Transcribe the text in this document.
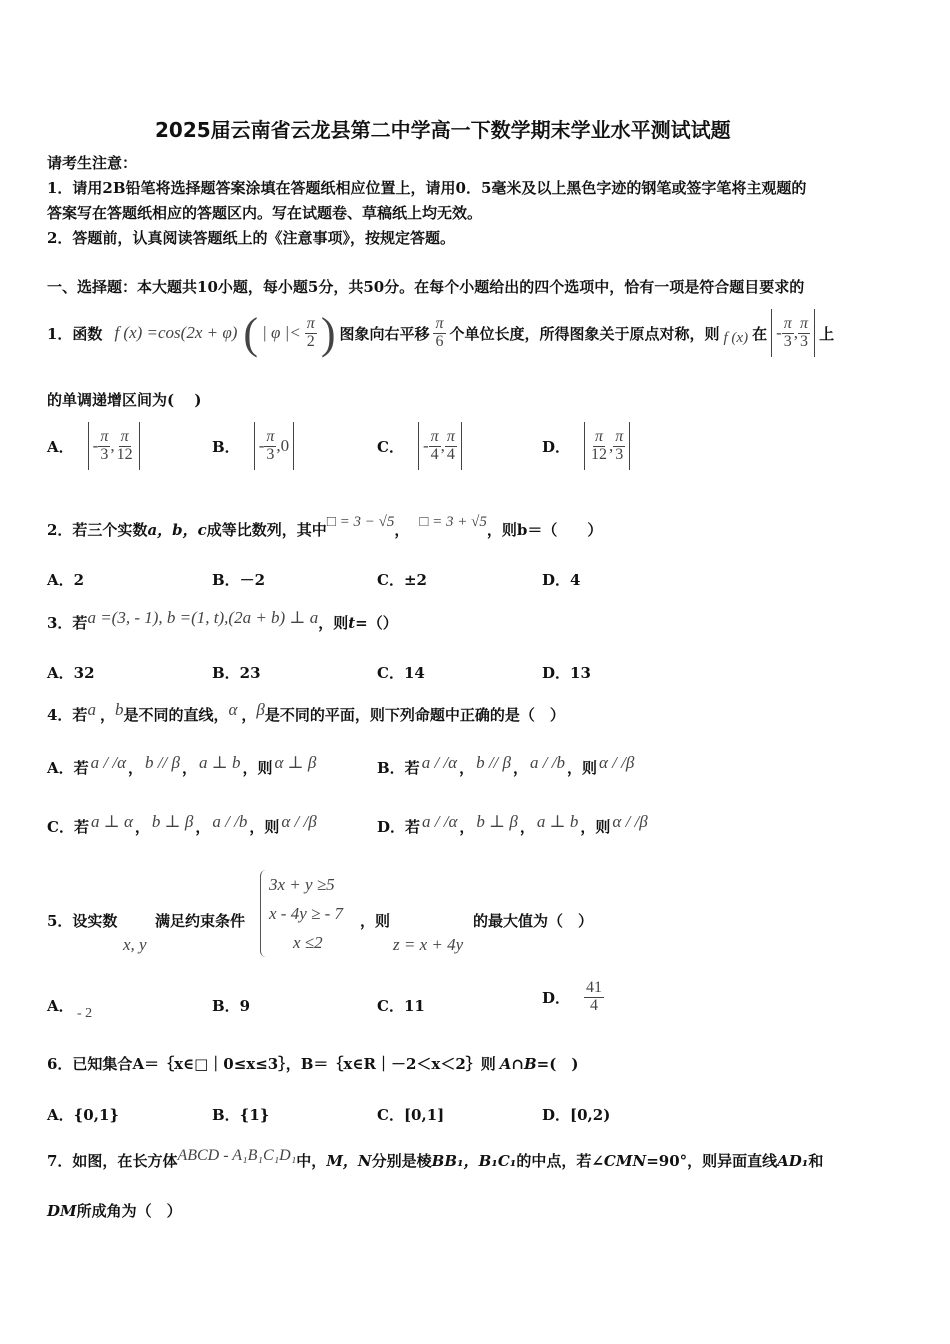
2025届云南省云龙县第二中学高一下数学期末学业水平测试试题
请考生注意：
1．请用2B铅笔将选择题答案涂填在答题纸相应位置上，请用0．5毫米及以上黑色字迹的钢笔或签字笔将主观题的
答案写在答题纸相应的答题区内。写在试题卷、草稿纸上均无效。
2．答题前，认真阅读答题纸上的《注意事项》，按规定答题。
一、选择题：本大题共10小题，每小题5分，共50分。在每个小题给出的四个选项中，恰有一项是符合题目要求的
1．函数 f (x) =cos(2x + φ) ( | φ |< $\frac{\pi}{2}$ ) 图象向右平移 $\frac{\pi}{6}$ 个单位长度，所得图象关于原点对称，则 f (x) 在 - $\frac{\pi}{3}$ , $\frac{\pi}{3}$ 上
的单调递增区间为(　 )
A． - $\frac{\pi}{3}$ , $\frac{\pi}{12}$	B． - $\frac{\pi}{3}$ , 0	C． - $\frac{\pi}{4}$ , $\frac{\pi}{4}$	D． $\frac{\pi}{12}$ , $\frac{\pi}{3}$
2．若三个实数 a，b，c 成等比数列，其中 □ = 3 − √5 ， □ = 3 + √5 ，则b＝（　　）
A．2	B．－2	C．±2	D．4
3．若 a =(3, - 1), b =(1, t),(2a + b) ⊥ a ，则 t =（）
A．32	B．23	C．14	D．13
4．若 a ， b 是不同的直线， α ， β 是不同的平面，则下列命题中正确的是（　）
A．若 a / /α ， b // β ， a ⊥ b ，则 α ⊥ β	B．若 a / /α ， b // β ， a / /b ，则 α / /β
C．若 a ⊥ α ， b ⊥ β ， a / /b ，则 α / /β	D．若 a / /α ， b ⊥ β ， a ⊥ b ，则 α / /β
5．设实数
x, y
满足约束条件
3x + y ≥5
x - 4y ≥ - 7
x ≤2
，则
z = x + 4y
的最大值为（　）
A． - 2	B．9	C．11	D． $\frac{41}{4}$
6．已知集合A＝｛x∈□｜0≤x≤3｝，B＝｛x∈R｜－2＜x＜2｝则 A∩B =(　)
A．{0,1}	B．{1}	C．[0,1]	D．[0,2)
7．如图，在长方体 ABCD - A₁B₁C₁D₁ 中， M，N 分别是棱 BB₁，B₁C₁ 的中点，若∠ CMN =90°，则异面直线 AD₁ 和
DM 所成角为（　）
